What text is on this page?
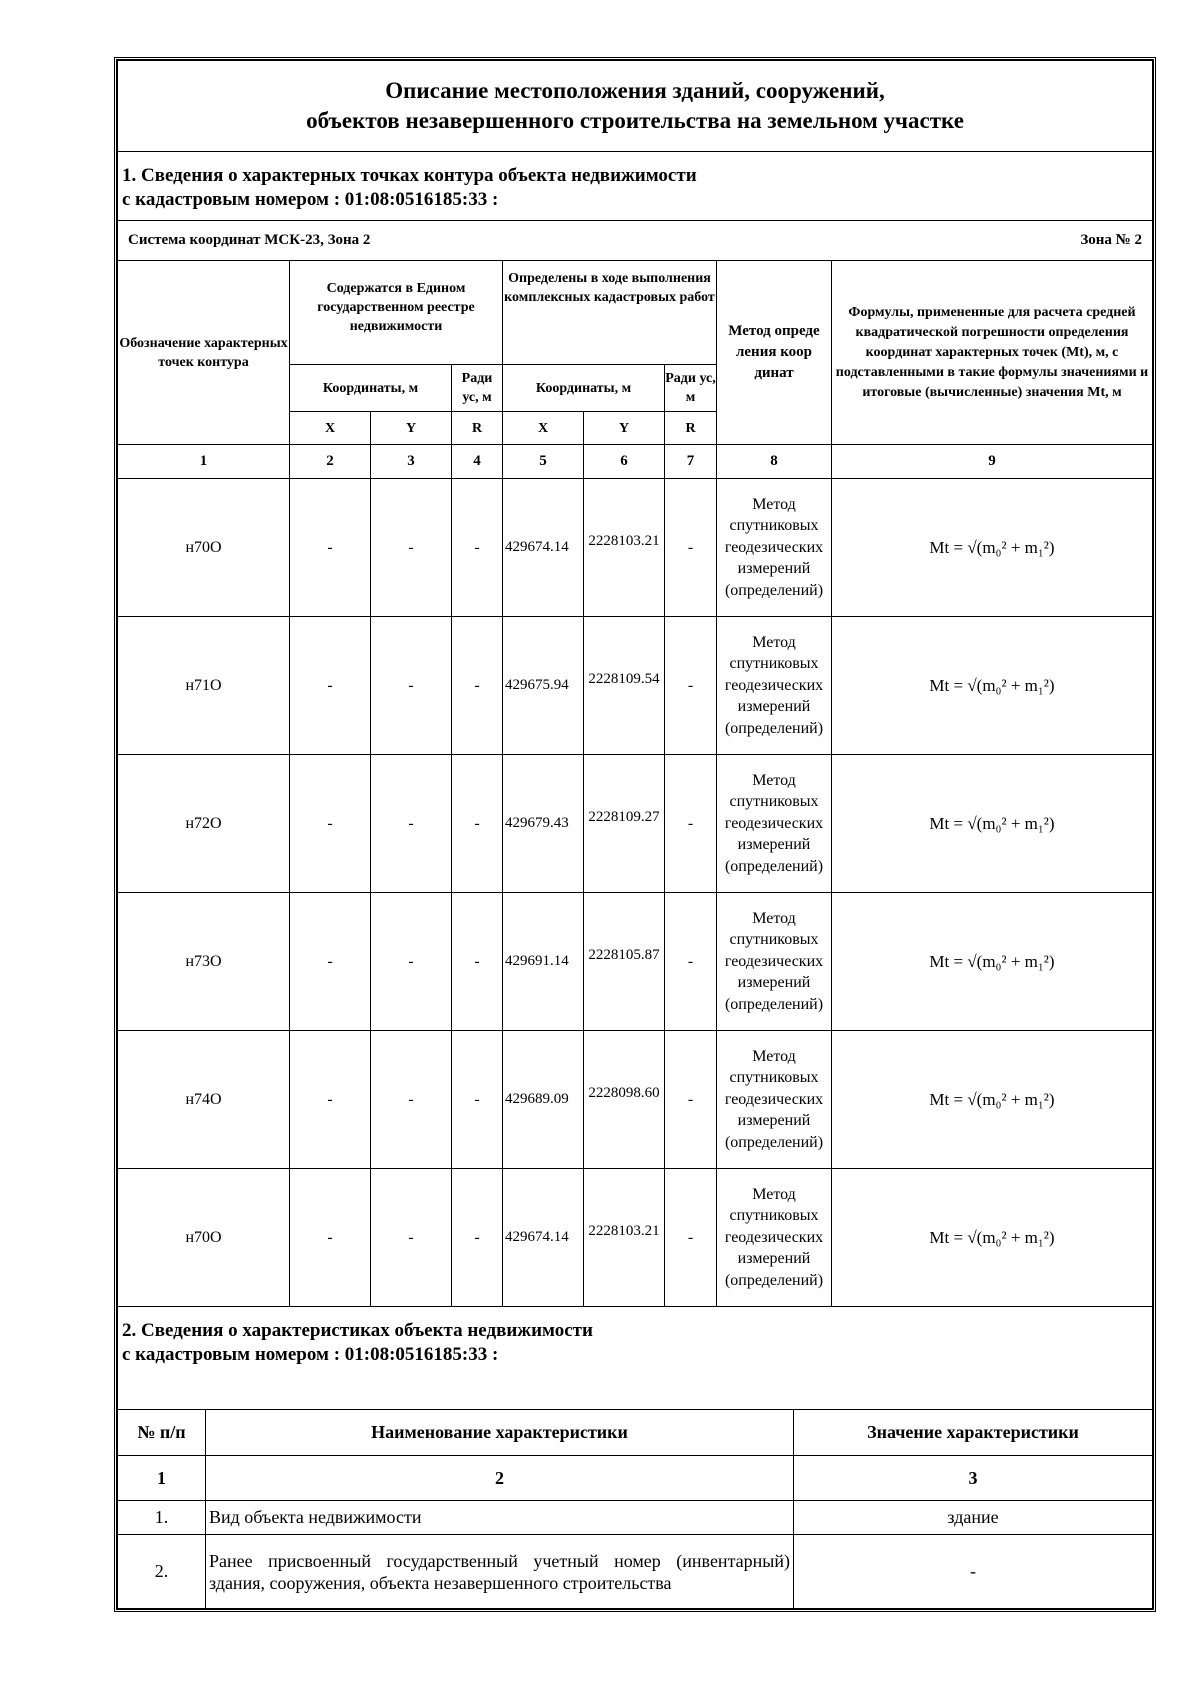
Описание местоположения зданий, сооружений,
объектов незавершенного строительства на земельном участке								

1. Сведения о характерных точках контура объекта недвижимости
с кадастровым номером : 01:08:0516185:33 :								

Система координат МСК-23, Зона 2 Зона № 2								

Обозначение характерных точек контура	Содержатся в Едином государственном реестре недвижимости			Определены в ходе выполнения комплексных кадастровых работ			Метод опреде ления коор динат	Формулы, примененные для расчета средней квадратической погрешности определения координат характерных точек (Mt), м, с подставленными в такие формулы значениями и итоговые (вычисленные) значения Mt, м
	Координаты, м		Ради ус, м	Координаты, м		Ради ус, м		
	X	Y	R	X	Y	R		
1	2	3	4	5	6	7	8	9
н70О	-	-	-	429674.14	2228103.21	-	Метод спутниковых геодезических измерений (определений)	Mt = √(m₀² + m₁²)
н71О	-	-	-	429675.94	2228109.54	-	Метод спутниковых геодезических измерений (определений)	Mt = √(m₀² + m₁²)
н72О	-	-	-	429679.43	2228109.27	-	Метод спутниковых геодезических измерений (определений)	Mt = √(m₀² + m₁²)
н73О	-	-	-	429691.14	2228105.87	-	Метод спутниковых геодезических измерений (определений)	Mt = √(m₀² + m₁²)
н74О	-	-	-	429689.09	2228098.60	-	Метод спутниковых геодезических измерений (определений)	Mt = √(m₀² + m₁²)
н70О	-	-	-	429674.14	2228103.21	-	Метод спутниковых геодезических измерений (определений)	Mt = √(m₀² + m₁²)
2. Сведения о характеристиках объекта недвижимости
с кадастровым номером : 01:08:0516185:33 :		

№ п/п	Наименование характеристики	Значение характеристики
1	2	3
1.	Вид объекта недвижимости	здание
2.	Ранее присвоенный государственный учетный номер (инвентарный) здания, сооружения, объекта незавершенного строительства	-
